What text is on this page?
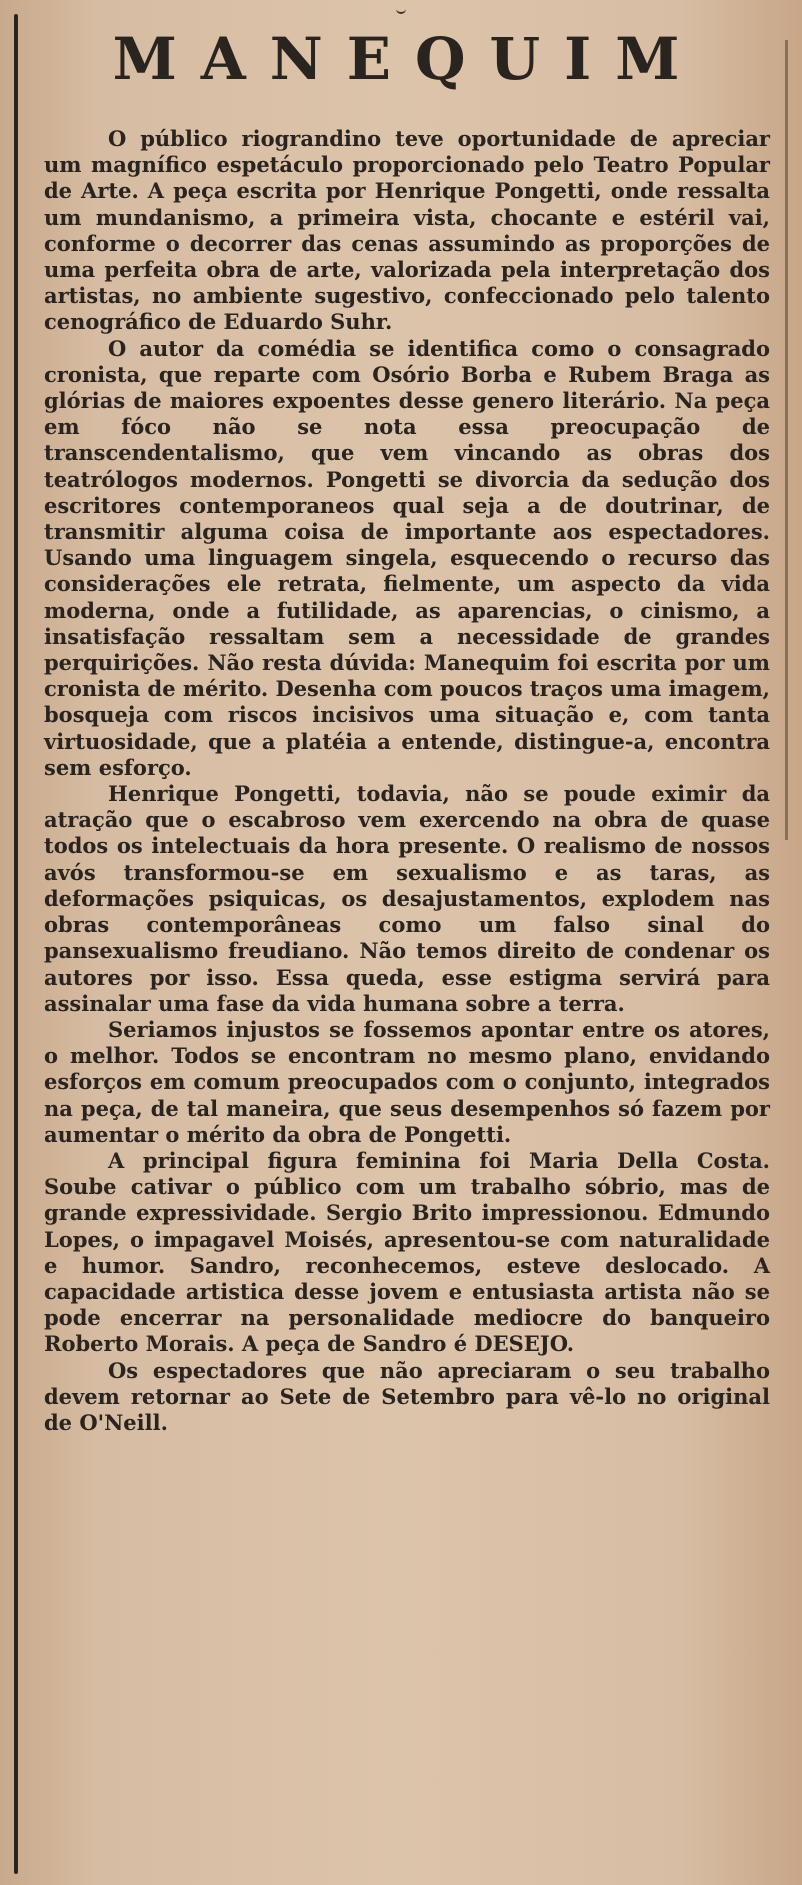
MANEQUIM

O público riograndino teve oportunidade de apreciar um magnífico espetáculo proporcionado pelo Teatro Popular de Arte. A peça escrita por Henrique Pongetti, onde ressalta um mundanismo, a primeira vista, chocante e estéril vai, conforme o decorrer das cenas assumindo as proporções de uma perfeita obra de arte, valorizada pela interpretação dos artistas, no ambiente sugestivo, confeccionado pelo talento cenográfico de Eduardo Suhr.

O autor da comédia se identifica como o consagrado cronista, que reparte com Osório Borba e Rubem Braga as glórias de maiores expoentes desse genero literário. Na peça em fóco não se nota essa preocupação de transcendentalismo, que vem vincando as obras dos teatrólogos modernos. Pongetti se divorcia da sedução dos escritores contemporaneos qual seja a de doutrinar, de transmitir alguma coisa de importante aos espectadores. Usando uma linguagem singela, esquecendo o recurso das considerações ele retrata, fielmente, um aspecto da vida moderna, onde a futilidade, as aparencias, o cinismo, a insatisfação ressaltam sem a necessidade de grandes perquirições. Não resta dúvida: Manequim foi escrita por um cronista de mérito. Desenha com poucos traços uma imagem, bosqueja com riscos incisivos uma situação e, com tanta virtuosidade, que a platéia a entende, distingue-a, encontra sem esforço.

Henrique Pongetti, todavia, não se poude eximir da atração que o escabroso vem exercendo na obra de quase todos os intelectuais da hora presente. O realismo de nossos avós transformou-se em sexualismo e as taras, as deformações psiquicas, os desajustamentos, explodem nas obras contemporâneas como um falso sinal do pansexualismo freudiano. Não temos direito de condenar os autores por isso. Essa queda, esse estigma servirá para assinalar uma fase da vida humana sobre a terra.

Seriamos injustos se fossemos apontar entre os atores, o melhor. Todos se encontram no mesmo plano, envidando esforços em comum preocupados com o conjunto, integrados na peça, de tal maneira, que seus desempenhos só fazem por aumentar o mérito da obra de Pongetti.

A principal figura feminina foi Maria Della Costa. Soube cativar o público com um trabalho sóbrio, mas de grande expressividade. Sergio Brito impressionou. Edmundo Lopes, o impagavel Moisés, apresentou-se com naturalidade e humor. Sandro, reconhecemos, esteve deslocado. A capacidade artistica desse jovem e entusiasta artista não se pode encerrar na personalidade mediocre do banqueiro Roberto Morais. A peça de Sandro é DESEJO.

Os espectadores que não apreciaram o seu trabalho devem retornar ao Sete de Setembro para vê-lo no original de O'Neill.
